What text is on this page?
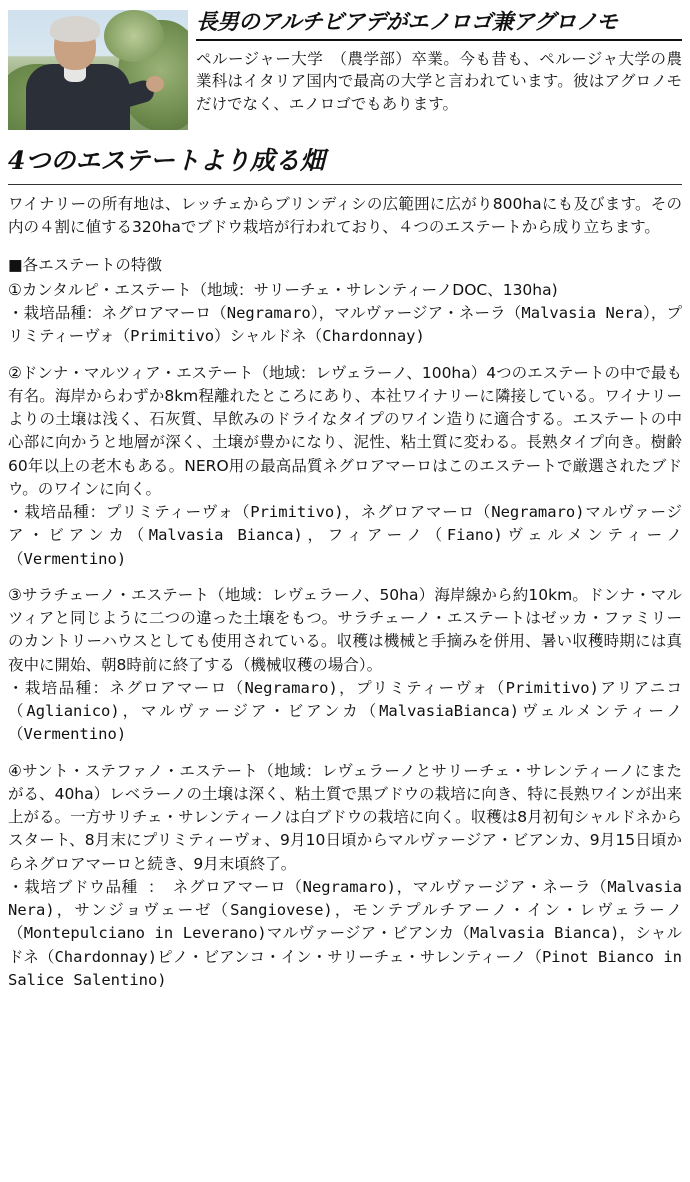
長男のアルチビアデがエノロゴ兼アグロノモ

ペルージャー大学　（農学部）卒業。今も昔も、ペルージャ大学の農業科はイタリア国内で最高の大学と言われています。彼はアグロノモだけでなく、エノロゴでもあります。

4つのエステートより成る畑

ワイナリーの所有地は、レッチェからブリンディシの広範囲に広がり800haにも及びます。その内の４割に値する320haでブドウ栽培が行われており、４つのエステートから成り立ちます。

■各エステートの特徴

①カンタルピ・エステート（地域：サリーチェ・サレンティーノDOC、130ha)

・栽培品種：ネグロアマーロ（Negramaro），マルヴァージア・ネーラ（Malvasia Nera），プリミティーヴォ（Primitivo）シャルドネ（Chardonnay)

②ドンナ・マルツィア・エステート（地域：レヴェラーノ、100ha）4つのエステートの中で最も有名。海岸からわずか8km程離れたところにあり、本社ワイナリーに隣接している。ワイナリーよりの土壌は浅く、石灰質、早飲みのドライなタイプのワイン造りに適合する。エステートの中心部に向かうと地層が深く、土壌が豊かになり、泥性、粘土質に変わる。長熟タイプ向き。樹齢60年以上の老木もある。NERO用の最高品質ネグロアマーロはこのエステートで厳選されたブドウ。のワインに向く。

・栽培品種：プリミティーヴォ（Primitivo)，ネグロアマーロ（Negramaro)マルヴァージア・ビアンカ（Malvasia Bianca)，フィアーノ（Fiano)ヴェルメンティーノ（Vermentino)

③サラチェーノ・エステート（地域：レヴェラーノ、50ha）海岸線から約10km。ドンナ・マルツィアと同じように二つの違った土壌をもつ。サラチェーノ・エステートはゼッカ・ファミリーのカントリーハウスとしても使用されている。収穫は機械と手摘みを併用、暑い収穫時期には真夜中に開始、朝8時前に終了する（機械収穫の場合）。

・栽培品種：ネグロアマーロ（Negramaro)，プリミティーヴォ（Primitivo)アリアニコ（Aglianico)，マルヴァージア・ビアンカ（MalvasiaBianca)ヴェルメンティーノ（Vermentino)

④サント・ステファノ・エステート（地域：レヴェラーノとサリーチェ・サレンティーノにまたがる、40ha）レベラーノの土壌は深く、粘土質で黒ブドウの栽培に向き、特に長熟ワインが出来上がる。一方サリチェ・サレンティーノは白ブドウの栽培に向く。収穫は8月初旬シャルドネからスタート、8月末にプリミティーヴォ、9月10日頃からマルヴァージア・ビアンカ、9月15日頃からネグロアマーロと続き、9月末頃終了。

・栽培ブドウ品種 ：　ネグロアマーロ（Negramaro)，マルヴァージア・ネーラ（Malvasia Nera)，サンジョヴェーゼ（Sangiovese)，モンテプルチアーノ・イン・レヴェラーノ（Montepulciano in Leverano)マルヴァージア・ビアンカ（Malvasia Bianca)，シャルドネ（Chardonnay)ピノ・ビアンコ・イン・サリーチェ・サレンティーノ（Pinot Bianco in Salice Salentino)
